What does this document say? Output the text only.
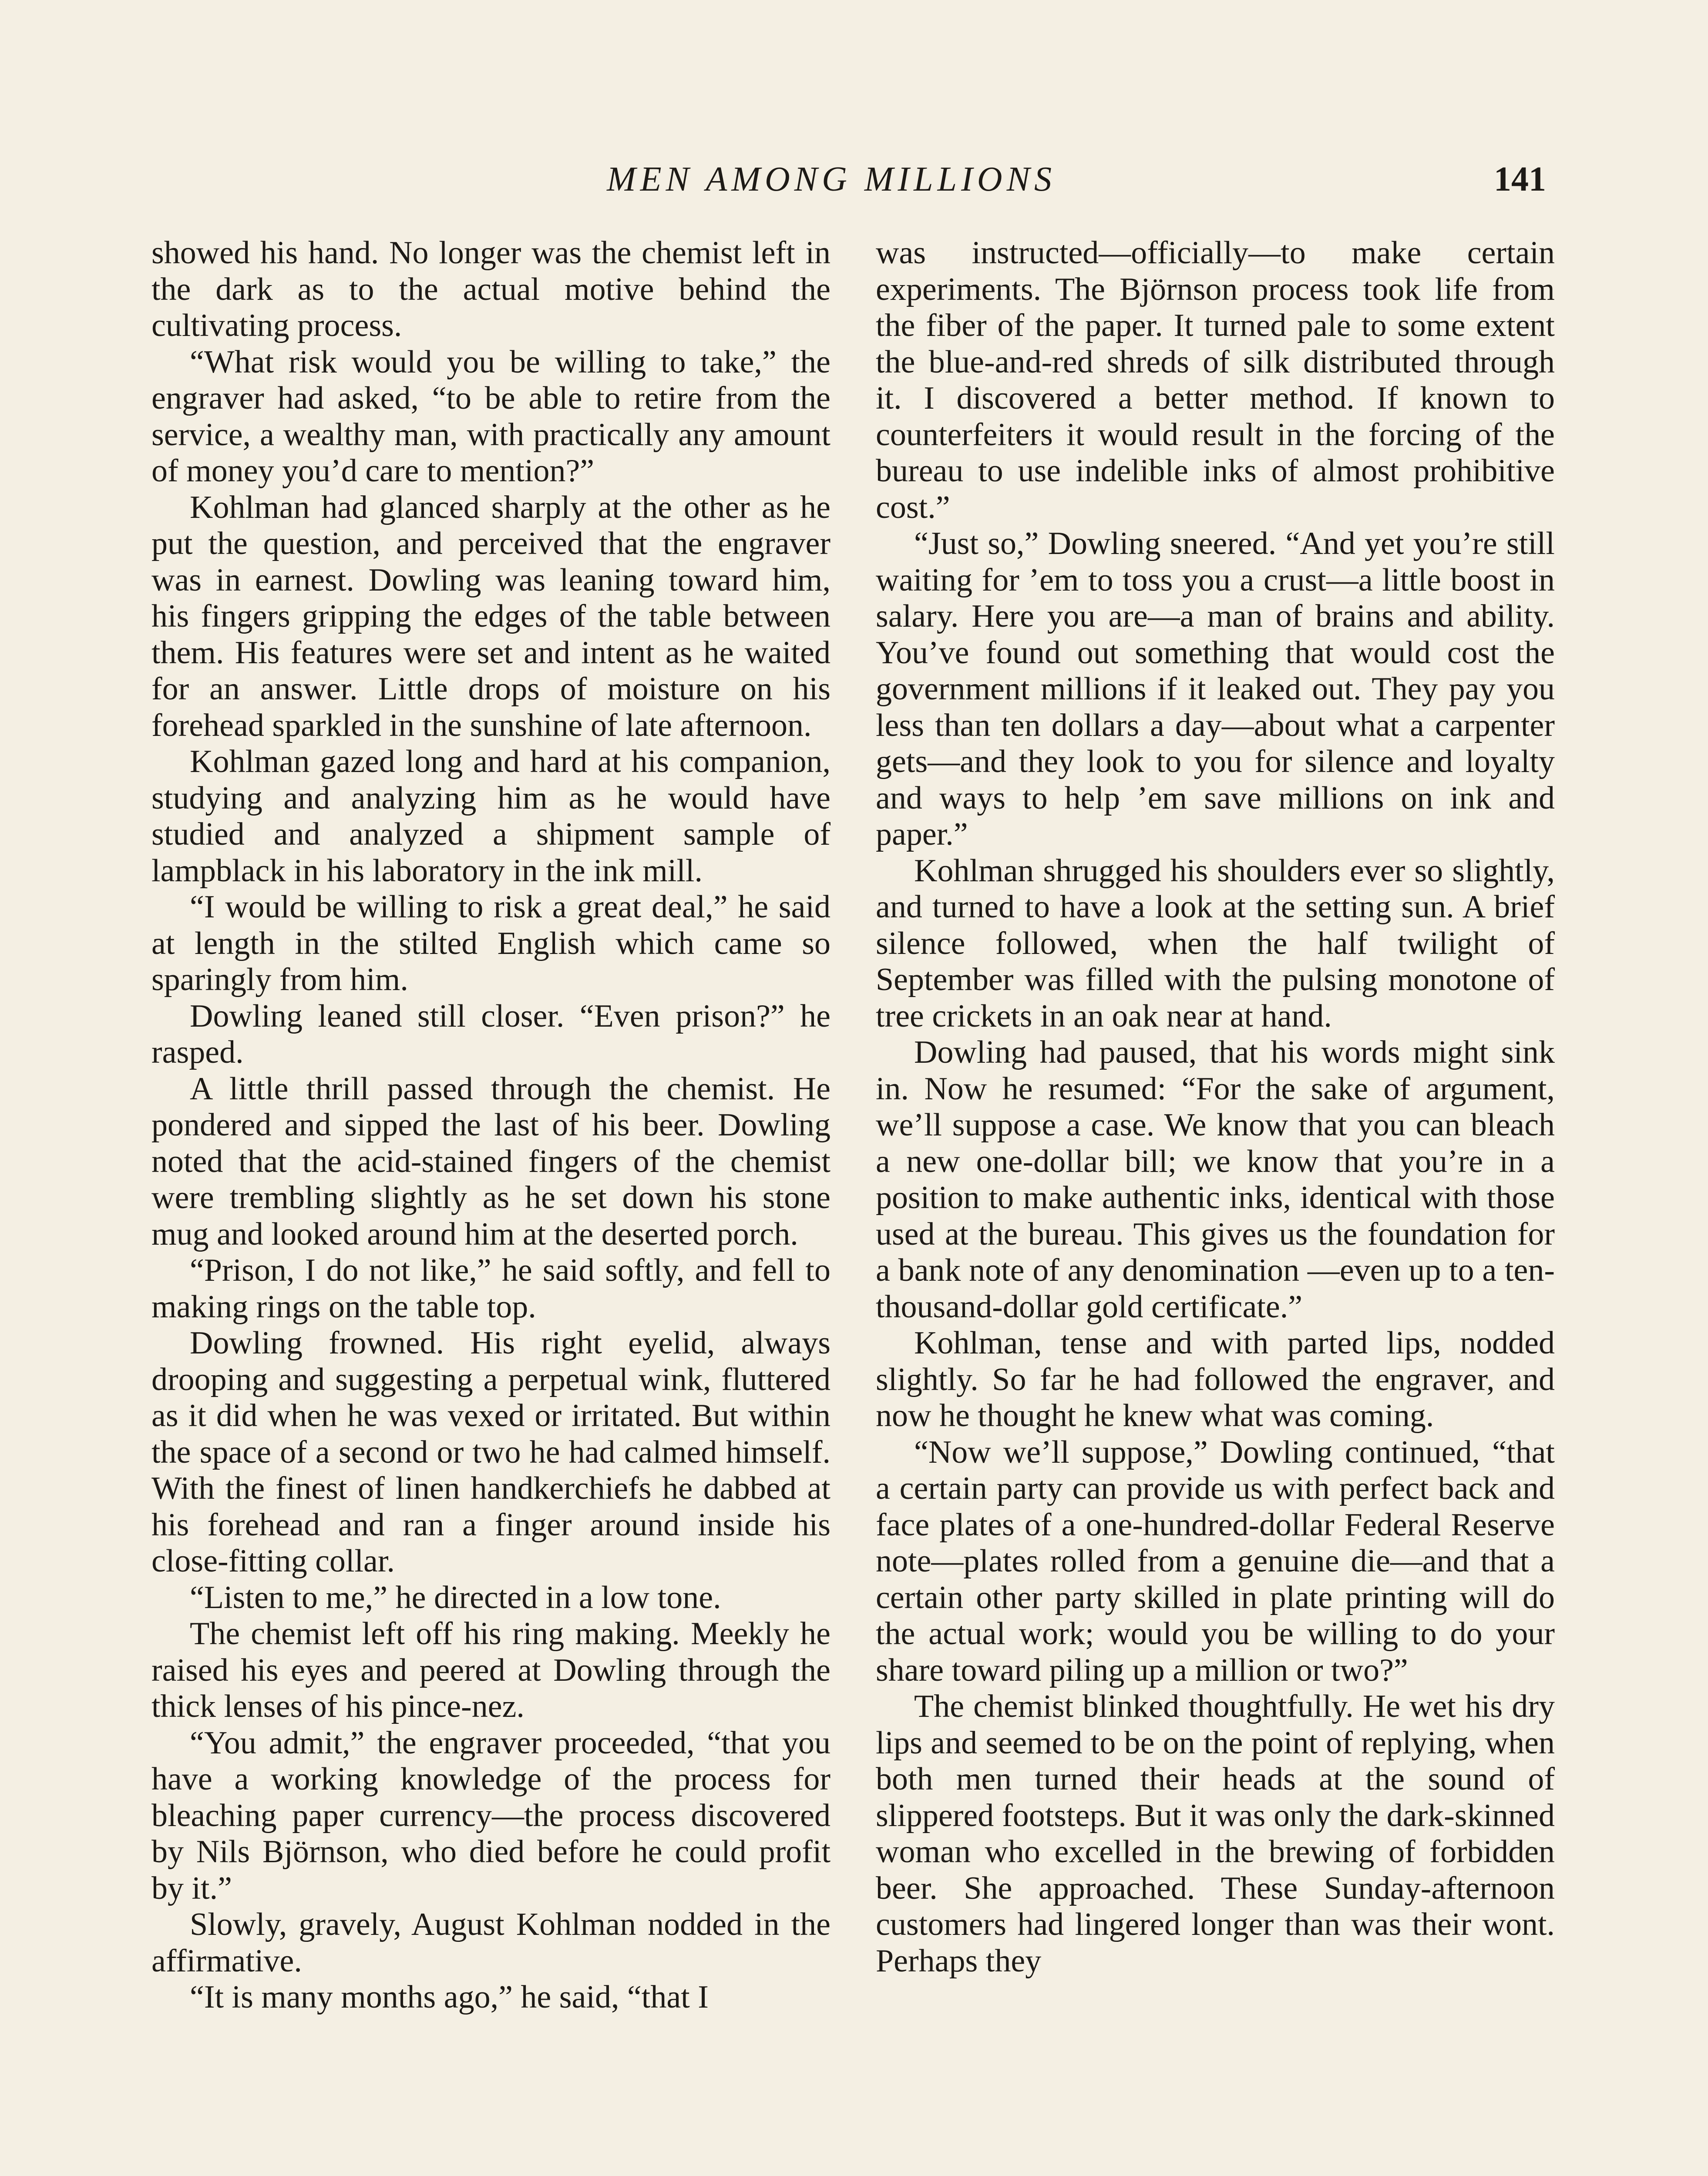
MEN AMONG MILLIONS	141

showed his hand. No longer was the chemist left in the dark as to the actual motive behind the cultivating process.

“What risk would you be willing to take,” the engraver had asked, “to be able to retire from the service, a wealthy man, with practically any amount of money you’d care to mention?”

Kohlman had glanced sharply at the other as he put the question, and perceived that the engraver was in earnest. Dowling was leaning toward him, his fingers gripping the edges of the table between them. His features were set and intent as he waited for an answer. Little drops of moisture on his forehead sparkled in the sunshine of late afternoon.

Kohlman gazed long and hard at his companion, studying and analyzing him as he would have studied and analyzed a shipment sample of lampblack in his laboratory in the ink mill.

“I would be willing to risk a great deal,” he said at length in the stilted English which came so sparingly from him.

Dowling leaned still closer. “Even prison?” he rasped.

A little thrill passed through the chemist. He pondered and sipped the last of his beer. Dowling noted that the acid-stained fingers of the chemist were trembling slightly as he set down his stone mug and looked around him at the deserted porch.

“Prison, I do not like,” he said softly, and fell to making rings on the table top.

Dowling frowned. His right eyelid, always drooping and suggesting a perpetual wink, fluttered as it did when he was vexed or irritated. But within the space of a second or two he had calmed himself. With the finest of linen handkerchiefs he dabbed at his forehead and ran a finger around inside his close-fitting collar.

“Listen to me,” he directed in a low tone.

The chemist left off his ring making. Meekly he raised his eyes and peered at Dowling through the thick lenses of his pince-nez.

“You admit,” the engraver proceeded, “that you have a working knowledge of the process for bleaching paper currency—the process discovered by Nils Björnson, who died before he could profit by it.”

Slowly, gravely, August Kohlman nodded in the affirmative.

“It is many months ago,” he said, “that I

was instructed—officially—to make certain experiments. The Björnson process took life from the fiber of the paper. It turned pale to some extent the blue-and-red shreds of silk distributed through it. I discovered a better method. If known to counterfeiters it would result in the forcing of the bureau to use indelible inks of almost prohibitive cost.”

“Just so,” Dowling sneered. “And yet you’re still waiting for ’em to toss you a crust—a little boost in salary. Here you are—a man of brains and ability. You’ve found out something that would cost the government millions if it leaked out. They pay you less than ten dollars a day—about what a carpenter gets—and they look to you for silence and loyalty and ways to help ’em save millions on ink and paper.”

Kohlman shrugged his shoulders ever so slightly, and turned to have a look at the setting sun. A brief silence followed, when the half twilight of September was filled with the pulsing monotone of tree crickets in an oak near at hand.

Dowling had paused, that his words might sink in. Now he resumed: “For the sake of argument, we’ll suppose a case. We know that you can bleach a new one-dollar bill; we know that you’re in a position to make authentic inks, identical with those used at the bureau. This gives us the foundation for a bank note of any denomination —even up to a ten-thousand-dollar gold certificate.”

Kohlman, tense and with parted lips, nodded slightly. So far he had followed the engraver, and now he thought he knew what was coming.

“Now we’ll suppose,” Dowling continued, “that a certain party can provide us with perfect back and face plates of a one-hundred-dollar Federal Reserve note—plates rolled from a genuine die—and that a certain other party skilled in plate printing will do the actual work; would you be willing to do your share toward piling up a million or two?”

The chemist blinked thoughtfully. He wet his dry lips and seemed to be on the point of replying, when both men turned their heads at the sound of slippered footsteps. But it was only the dark-skinned woman who excelled in the brewing of forbidden beer. She approached. These Sunday-afternoon customers had lingered longer than was their wont. Perhaps they
